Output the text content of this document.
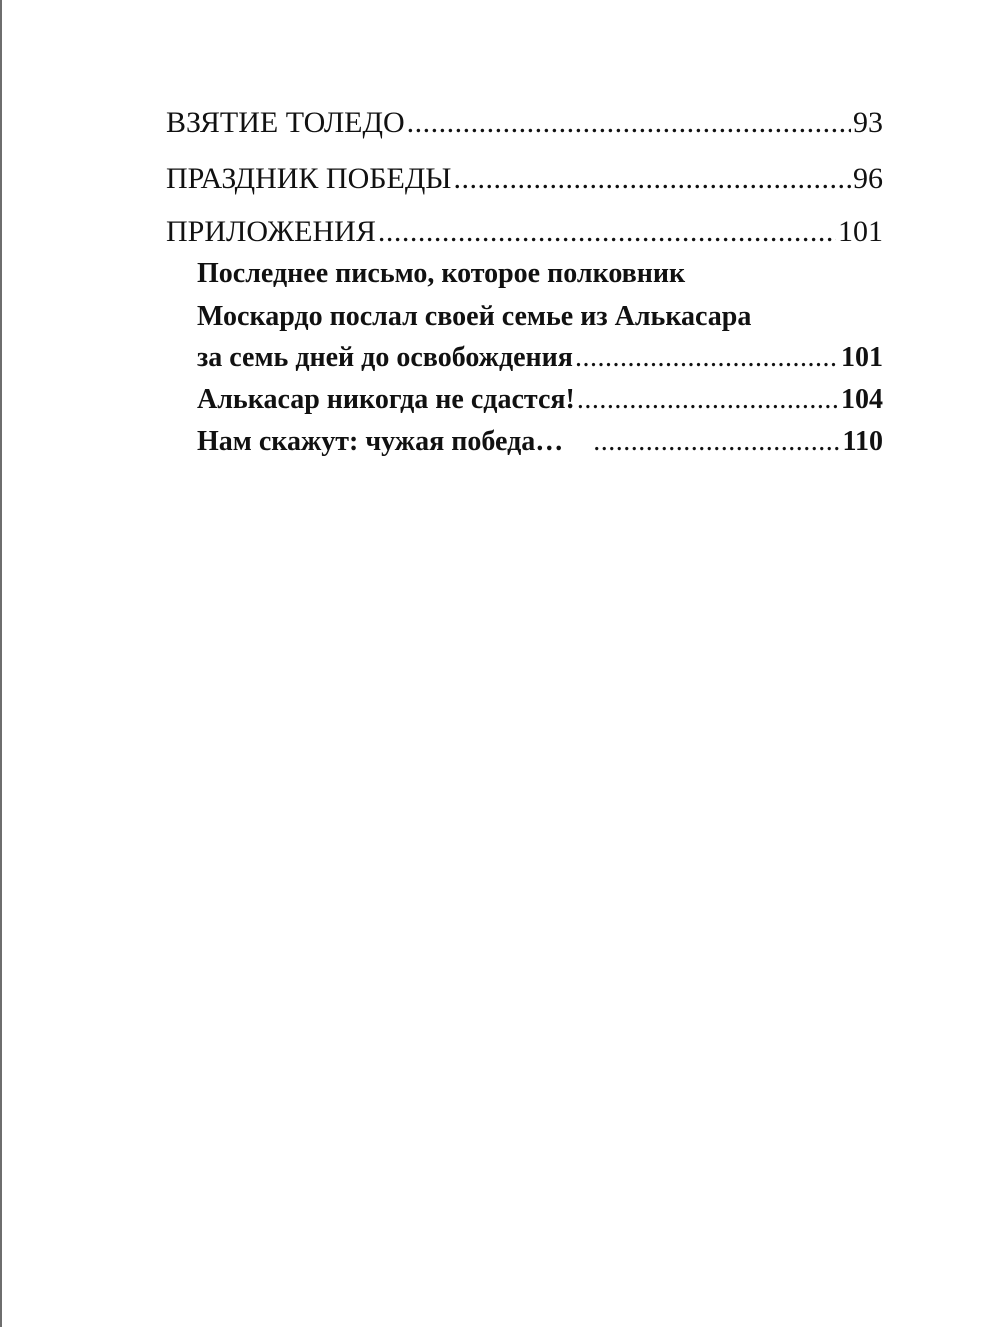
ВЗЯТИЕ ТОЛЕДО .....	93
ПРАЗДНИК ПОБЕДЫ .....	96
ПРИЛОЖЕНИЯ .....	101
Последнее письмо, которое полковник
Москардо послал своей семье из Алькасара
за семь дней до освобождения .....	101
Алькасар никогда не сдастся! .....	104
Нам скажут: чужая победа… .....	110
